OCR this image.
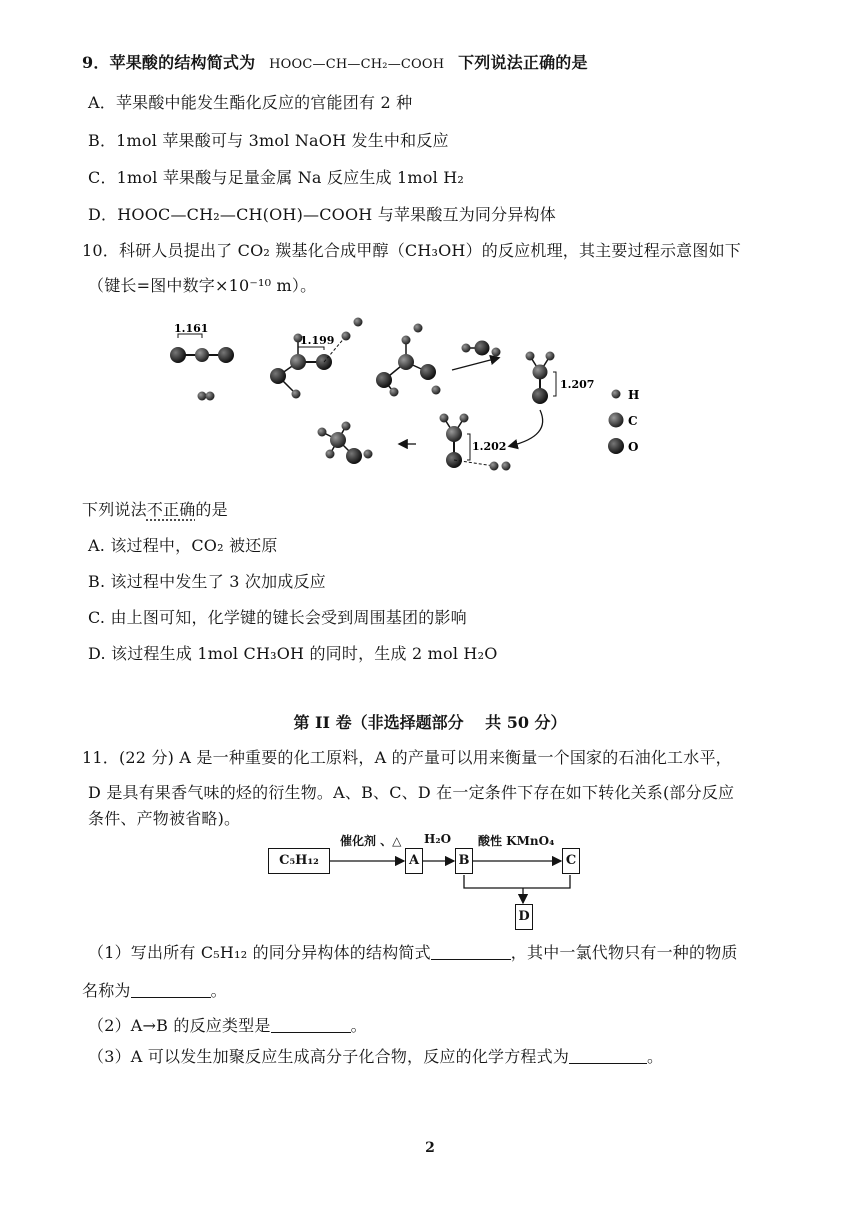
9．苹果酸的结构简式为 HOOC—CH—CH₂—COOH 下列说法正确的是
A．苹果酸中能发生酯化反应的官能团有 2 种
B．1mol 苹果酸可与 3mol NaOH 发生中和反应
C．1mol 苹果酸与足量金属 Na 反应生成 1mol H₂
D．HOOC—CH₂—CH(OH)—COOH 与苹果酸互为同分异构体
10．科研人员提出了 CO₂ 羰基化合成甲醇（CH₃OH）的反应机理，其主要过程示意图如下
（键长=图中数字×10⁻¹⁰ m）。
1.161
1.199
1.207
1.202
H
C
O
下列说法不正确的是
A. 该过程中，CO₂ 被还原
B. 该过程中发生了 3 次加成反应
C. 由上图可知，化学键的键长会受到周围基团的影响
D. 该过程生成 1mol CH₃OH 的同时，生成 2 mol H₂O
第 II 卷（非选择题部分　 共 50 分）
11．(22 分) A 是一种重要的化工原料，A 的产量可以用来衡量一个国家的石油化工水平，
D 是具有果香气味的烃的衍生物。A、B、C、D 在一定条件下存在如下转化关系(部分反应
条件、产物被省略)。
C₅H₁₂
催化剂 、△
A
H₂O
B
酸性 KMnO₄
C
D
（1）写出所有 C₅H₁₂ 的同分异构体的结构简式	，其中一氯代物只有一种的物质
名称为	。
（2）A→B 的反应类型是	。
（3）A 可以发生加聚反应生成高分子化合物，反应的化学方程式为	。
2
